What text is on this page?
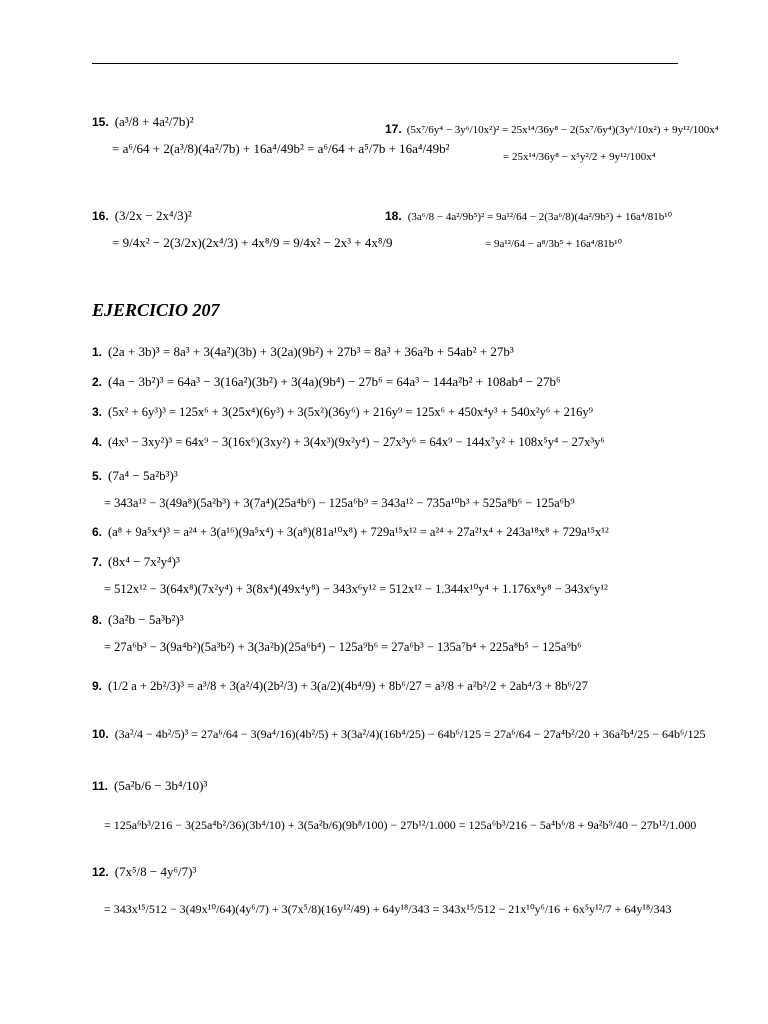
15. (a³/8 + 4a²/7b)²
= a⁶/64 + 2(a³/8)(4a²/7b) + 16a⁴/49b² = a⁶/64 + a⁵/7b + 16a⁴/49b²
16. (3/2x − 2x⁴/3)²
= 9/4x² − 2(3/2x)(2x⁴/3) + 4x⁸/9 = 9/4x² − 2x³ + 4x⁸/9
17. (5x⁷/6y⁴ − 3y⁶/10x²)² = 25x¹⁴/36y⁸ − 2(5x⁷/6y⁴)(3y⁶/10x²) + 9y¹²/100x⁴
= 25x¹⁴/36y⁸ − x⁵y²/2 + 9y¹²/100x⁴
18. (3a⁶/8 − 4a²/9b⁵)² = 9a¹²/64 − 2(3a⁶/8)(4a²/9b⁵) + 16a⁴/81b¹⁰
= 9a¹²/64 − a⁸/3b⁵ + 16a⁴/81b¹⁰
EJERCICIO 207
1. (2a + 3b)³ = 8a³ + 3(4a²)(3b) + 3(2a)(9b²) + 27b³ = 8a³ + 36a²b + 54ab² + 27b³
2. (4a − 3b²)³ = 64a³ − 3(16a²)(3b²) + 3(4a)(9b⁴) − 27b⁶ = 64a³ − 144a²b² + 108ab⁴ − 27b⁶
3. (5x² + 6y³)³ = 125x⁶ + 3(25x⁴)(6y³) + 3(5x²)(36y⁶) + 216y⁹ = 125x⁶ + 450x⁴y³ + 540x²y⁶ + 216y⁹
4. (4x³ − 3xy²)³ = 64x⁹ − 3(16x⁶)(3xy²) + 3(4x³)(9x²y⁴) − 27x³y⁶ = 64x⁹ − 144x⁷y² + 108x⁵y⁴ − 27x³y⁶
5. (7a⁴ − 5a²b³)³
= 343a¹² − 3(49a⁸)(5a²b³) + 3(7a⁴)(25a⁴b⁶) − 125a⁶b⁹ = 343a¹² − 735a¹⁰b³ + 525a⁸b⁶ − 125a⁶b⁹
6. (a⁸ + 9a⁵x⁴)³ = a²⁴ + 3(a¹⁶)(9a⁵x⁴) + 3(a⁸)(81a¹⁰x⁸) + 729a¹⁵x¹² = a²⁴ + 27a²¹x⁴ + 243a¹⁸x⁸ + 729a¹⁵x¹²
7. (8x⁴ − 7x²y⁴)³
= 512x¹² − 3(64x⁸)(7x²y⁴) + 3(8x⁴)(49x⁴y⁸) − 343x⁶y¹² = 512x¹² − 1.344x¹⁰y⁴ + 1.176x⁸y⁸ − 343x⁶y¹²
8. (3a²b − 5a³b²)³
= 27a⁶b³ − 3(9a⁴b²)(5a³b²) + 3(3a²b)(25a⁶b⁴) − 125a⁹b⁶ = 27a⁶b³ − 135a⁷b⁴ + 225a⁸b⁵ − 125a⁹b⁶
9. (1/2 a + 2b²/3)³ = a³/8 + 3(a²/4)(2b²/3) + 3(a/2)(4b⁴/9) + 8b⁶/27 = a³/8 + a²b²/2 + 2ab⁴/3 + 8b⁶/27
10. (3a²/4 − 4b²/5)³ = 27a⁶/64 − 3(9a⁴/16)(4b²/5) + 3(3a²/4)(16b⁴/25) − 64b⁶/125 = 27a⁶/64 − 27a⁴b²/20 + 36a²b⁴/25 − 64b⁶/125
11. (5a²b/6 − 3b⁴/10)³
= 125a⁶b³/216 − 3(25a⁴b²/36)(3b⁴/10) + 3(5a²b/6)(9b⁸/100) − 27b¹²/1.000 = 125a⁶b³/216 − 5a⁴b⁶/8 + 9a²b⁹/40 − 27b¹²/1.000
12. (7x⁵/8 − 4y⁶/7)³
= 343x¹⁵/512 − 3(49x¹⁰/64)(4y⁶/7) + 3(7x⁵/8)(16y¹²/49) + 64y¹⁸/343 = 343x¹⁵/512 − 21x¹⁰y⁶/16 + 6x⁵y¹²/7 + 64y¹⁸/343
